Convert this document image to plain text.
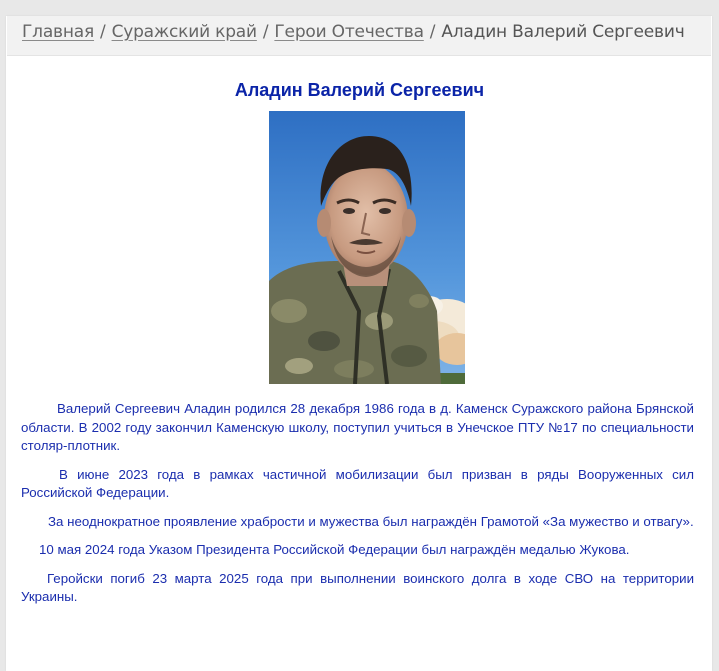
Главная / Суражский край / Герои Отечества / Аладин Валерий Сергеевич
Аладин Валерий Сергеевич

Валерий Сергеевич Аладин родился 28 декабря 1986 года в д. Каменск Суражского района Брянской области. В 2002 году закончил Каменскую школу, поступил учиться в Унечское ПТУ №17 по специальности столяр-плотник.

В июне 2023 года в рамках частичной мобилизации был призван в ряды Вооруженных сил Российской Федерации.

За неоднократное проявление храбрости и мужества был награждён Грамотой «За мужество и отвагу».

10 мая 2024 года Указом Президента Российской Федерации был награждён медалью Жукова.

Геройски погиб 23 марта 2025 года при выполнении воинского долга в ходе СВО на территории Украины.
